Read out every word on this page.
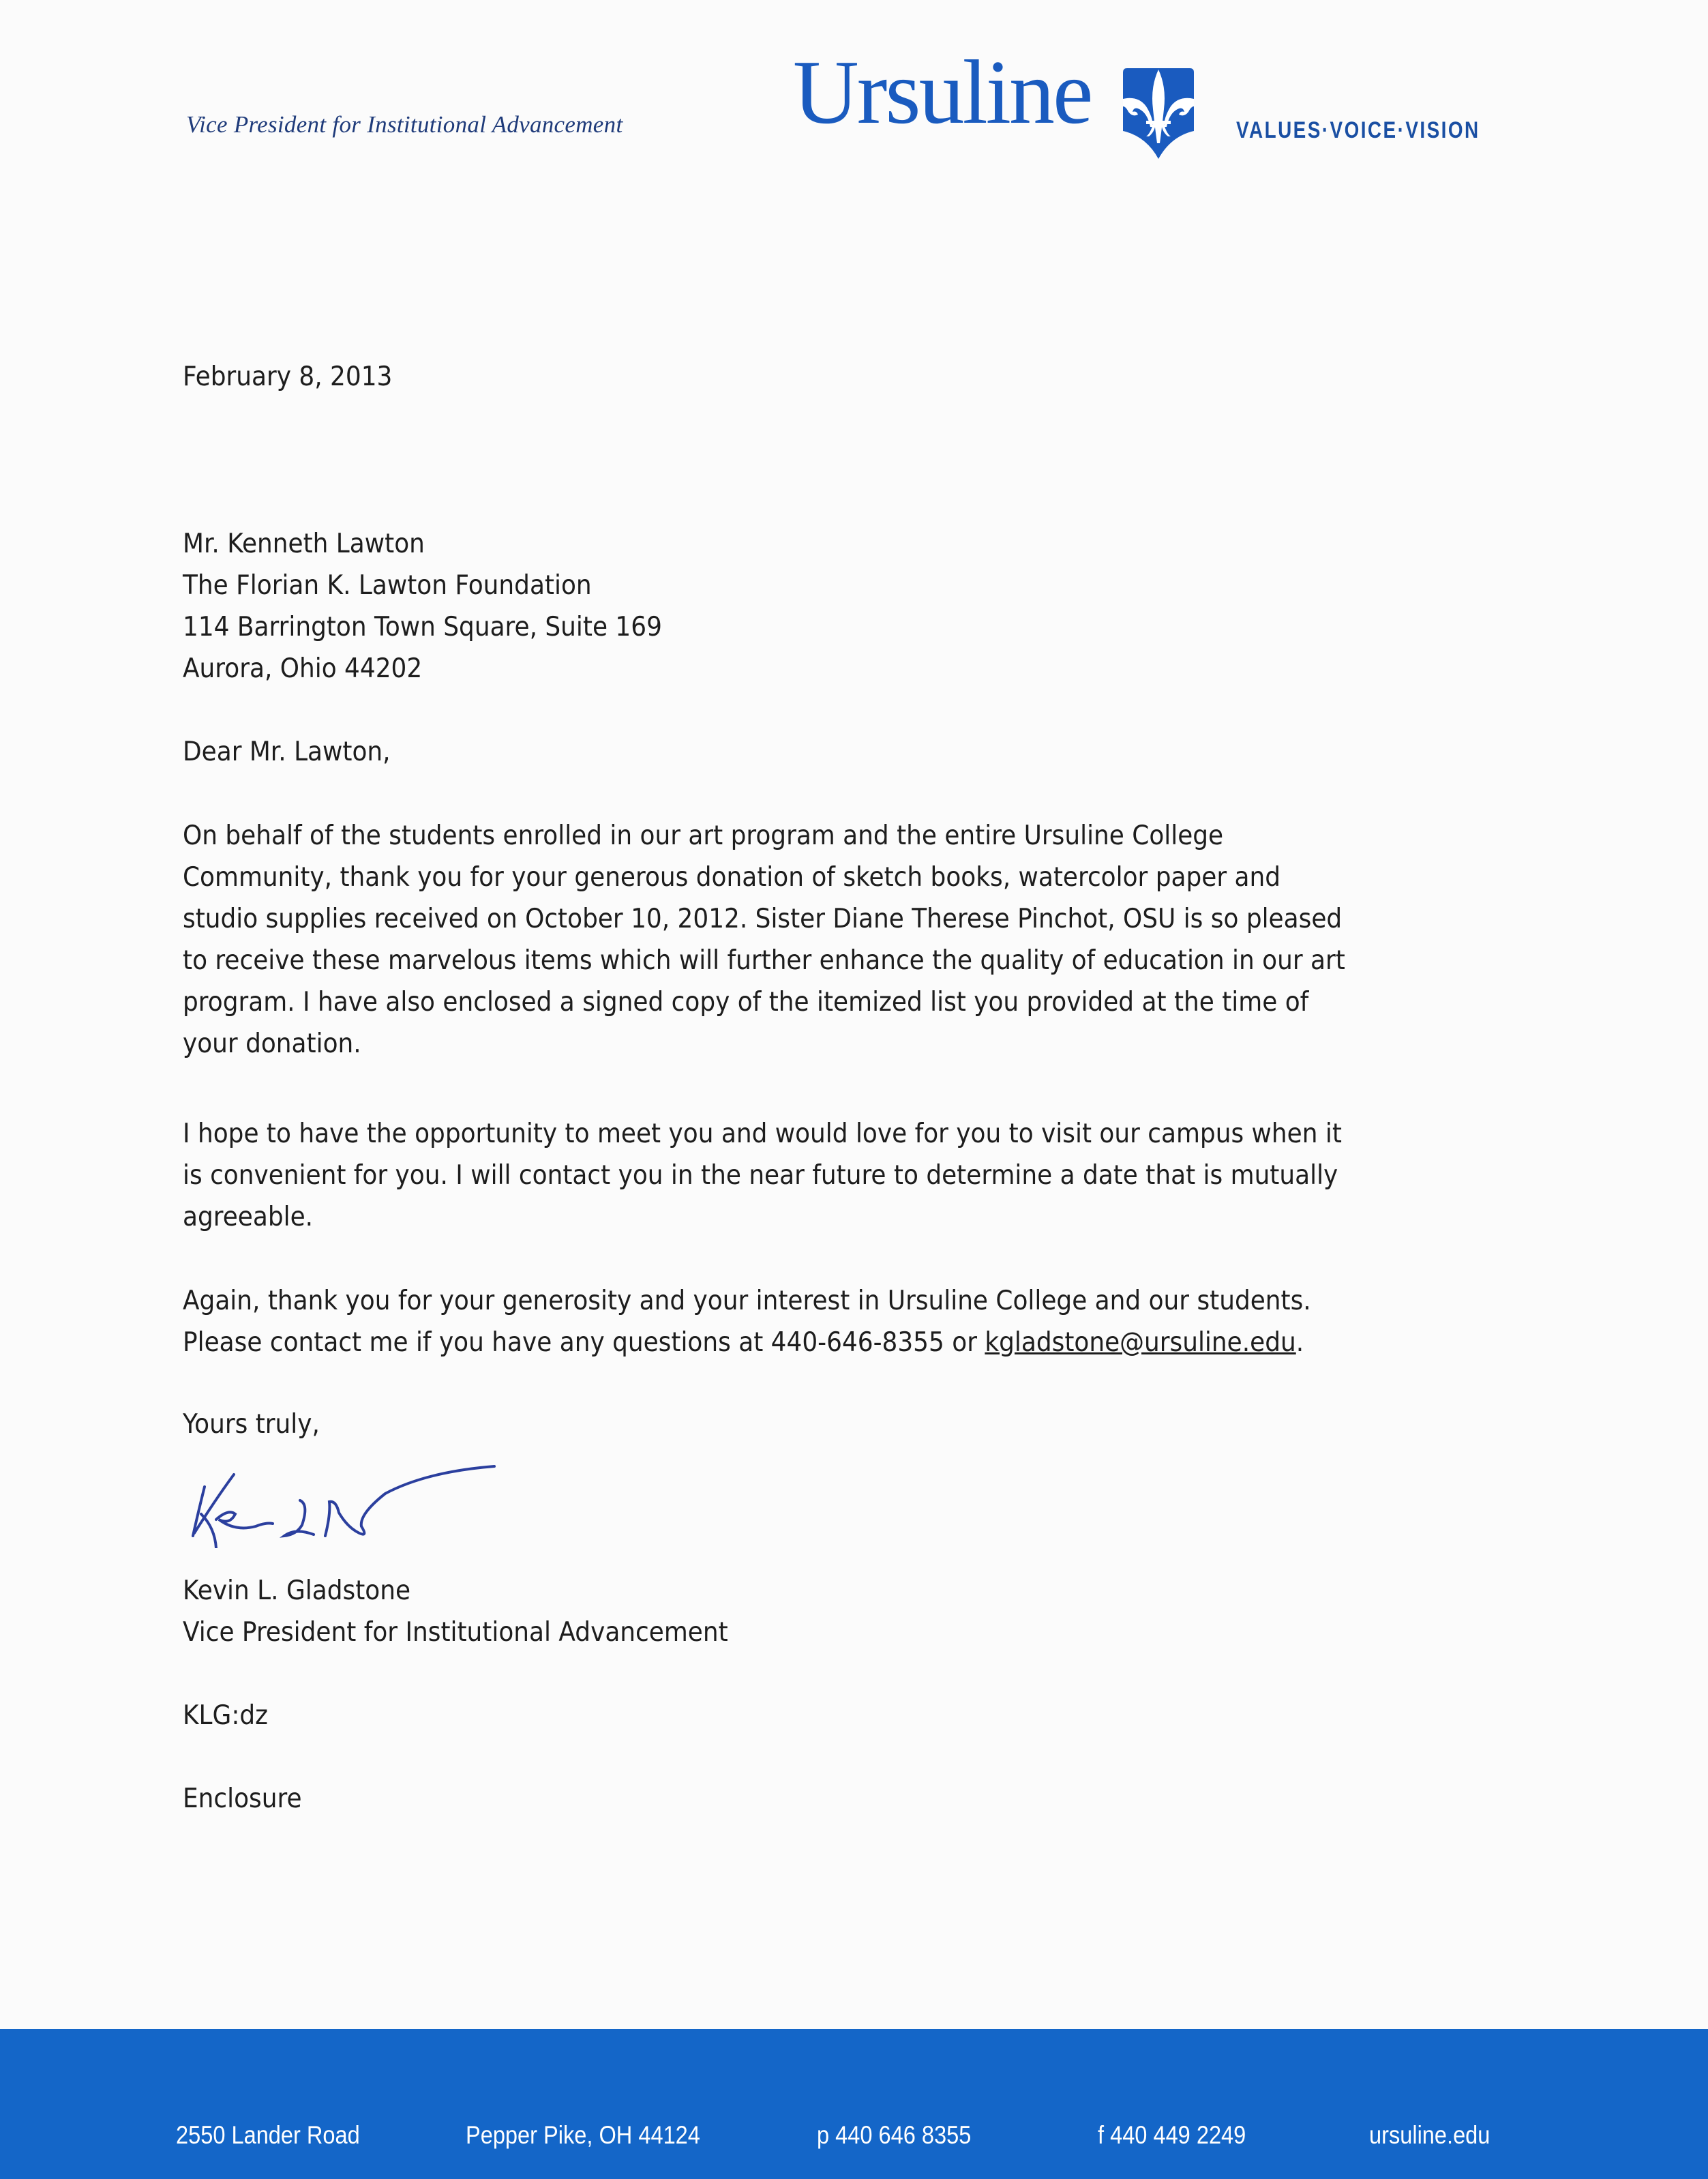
Vice President for Institutional Advancement Ursuline	VALUES·VOICE·VISION
February 8, 2013
Mr. Kenneth Lawton
The Florian K. Lawton Foundation
114 Barrington Town Square, Suite 169
Aurora, Ohio 44202
Dear Mr. Lawton,
On behalf of the students enrolled in our art program and the entire Ursuline College
Community, thank you for your generous donation of sketch books, watercolor paper and
studio supplies received on October 10, 2012. Sister Diane Therese Pinchot, OSU is so pleased
to receive these marvelous items which will further enhance the quality of education in our art
program. I have also enclosed a signed copy of the itemized list you provided at the time of
your donation.
I hope to have the opportunity to meet you and would love for you to visit our campus when it
is convenient for you. I will contact you in the near future to determine a date that is mutually
agreeable.
Again, thank you for your generosity and your interest in Ursuline College and our students.
Please contact me if you have any questions at 440-646-8355 or kgladstone@ursuline.edu.
Yours truly,
Kevin L. Gladstone
Vice President for Institutional Advancement
KLG:dz
Enclosure
2550 Lander Road	Pepper Pike, OH 44124	p 440 646 8355	f 440 449 2249	ursuline.edu
